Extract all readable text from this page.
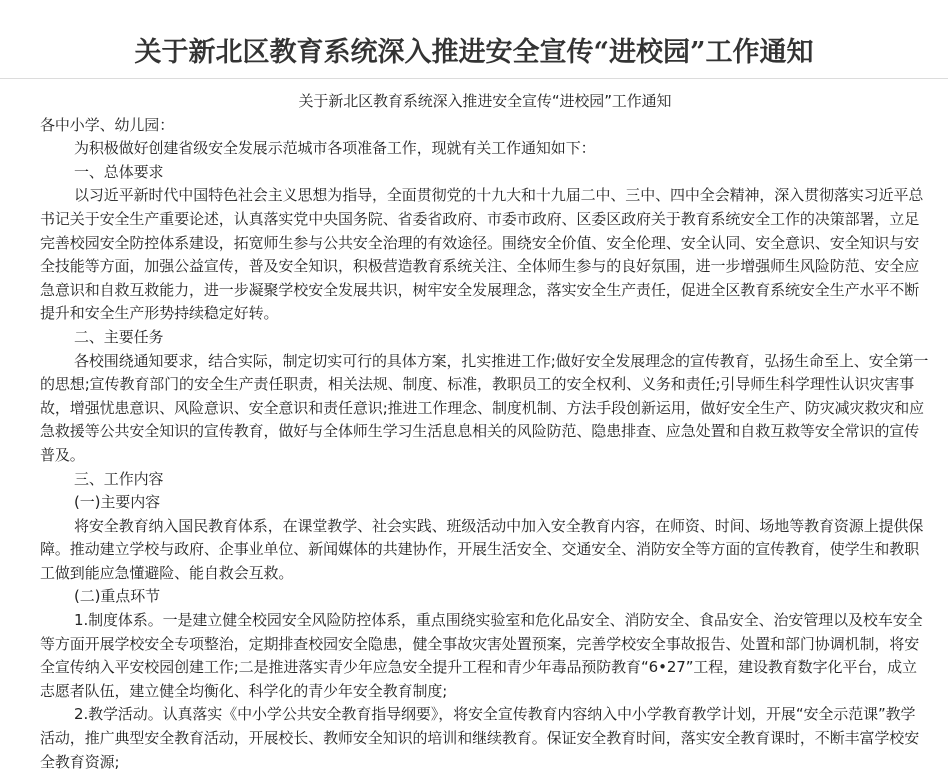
关于新北区教育系统深入推进安全宣传“进校园”工作通知

关于新北区教育系统深入推进安全宣传“进校园”工作通知

各中小学、幼儿园：

为积极做好创建省级安全发展示范城市各项准备工作，现就有关工作通知如下：

一、总体要求

以习近平新时代中国特色社会主义思想为指导，全面贯彻党的十九大和十九届二中、三中、四中全会精神，深入贯彻落实习近平总书记关于安全生产重要论述，认真落实党中央国务院、省委省政府、市委市政府、区委区政府关于教育系统安全工作的决策部署，立足完善校园安全防控体系建设，拓宽师生参与公共安全治理的有效途径。围绕安全价值、安全伦理、安全认同、安全意识、安全知识与安全技能等方面，加强公益宣传，普及安全知识，积极营造教育系统关注、全体师生参与的良好氛围，进一步增强师生风险防范、安全应急意识和自救互救能力，进一步凝聚学校安全发展共识，树牢安全发展理念，落实安全生产责任，促进全区教育系统安全生产水平不断提升和安全生产形势持续稳定好转。

二、主要任务

各校围绕通知要求，结合实际，制定切实可行的具体方案，扎实推进工作;做好安全发展理念的宣传教育，弘扬生命至上、安全第一的思想;宣传教育部门的安全生产责任职责，相关法规、制度、标准，教职员工的安全权利、义务和责任;引导师生科学理性认识灾害事故，增强忧患意识、风险意识、安全意识和责任意识;推进工作理念、制度机制、方法手段创新运用，做好安全生产、防灾减灾救灾和应急救援等公共安全知识的宣传教育，做好与全体师生学习生活息息相关的风险防范、隐患排查、应急处置和自救互救等安全常识的宣传普及。

三、工作内容

(一)主要内容

将安全教育纳入国民教育体系，在课堂教学、社会实践、班级活动中加入安全教育内容，在师资、时间、场地等教育资源上提供保障。推动建立学校与政府、企事业单位、新闻媒体的共建协作，开展生活安全、交通安全、消防安全等方面的宣传教育，使学生和教职工做到能应急懂避险、能自救会互救。

(二)重点环节

1.制度体系。一是建立健全校园安全风险防控体系，重点围绕实验室和危化品安全、消防安全、食品安全、治安管理以及校车安全等方面开展学校安全专项整治，定期排查校园安全隐患，健全事故灾害处置预案，完善学校安全事故报告、处置和部门协调机制，将安全宣传纳入平安校园创建工作;二是推进落实青少年应急安全提升工程和青少年毒品预防教育“6•27”工程，建设教育数字化平台，成立志愿者队伍，建立健全均衡化、科学化的青少年安全教育制度;

2.教学活动。认真落实《中小学公共安全教育指导纲要》，将安全宣传教育内容纳入中小学教育教学计划，开展“安全示范课”教学活动，推广典型安全教育活动，开展校长、教师安全知识的培训和继续教育。保证安全教育时间，落实安全教育课时，不断丰富学校安全教育资源;
